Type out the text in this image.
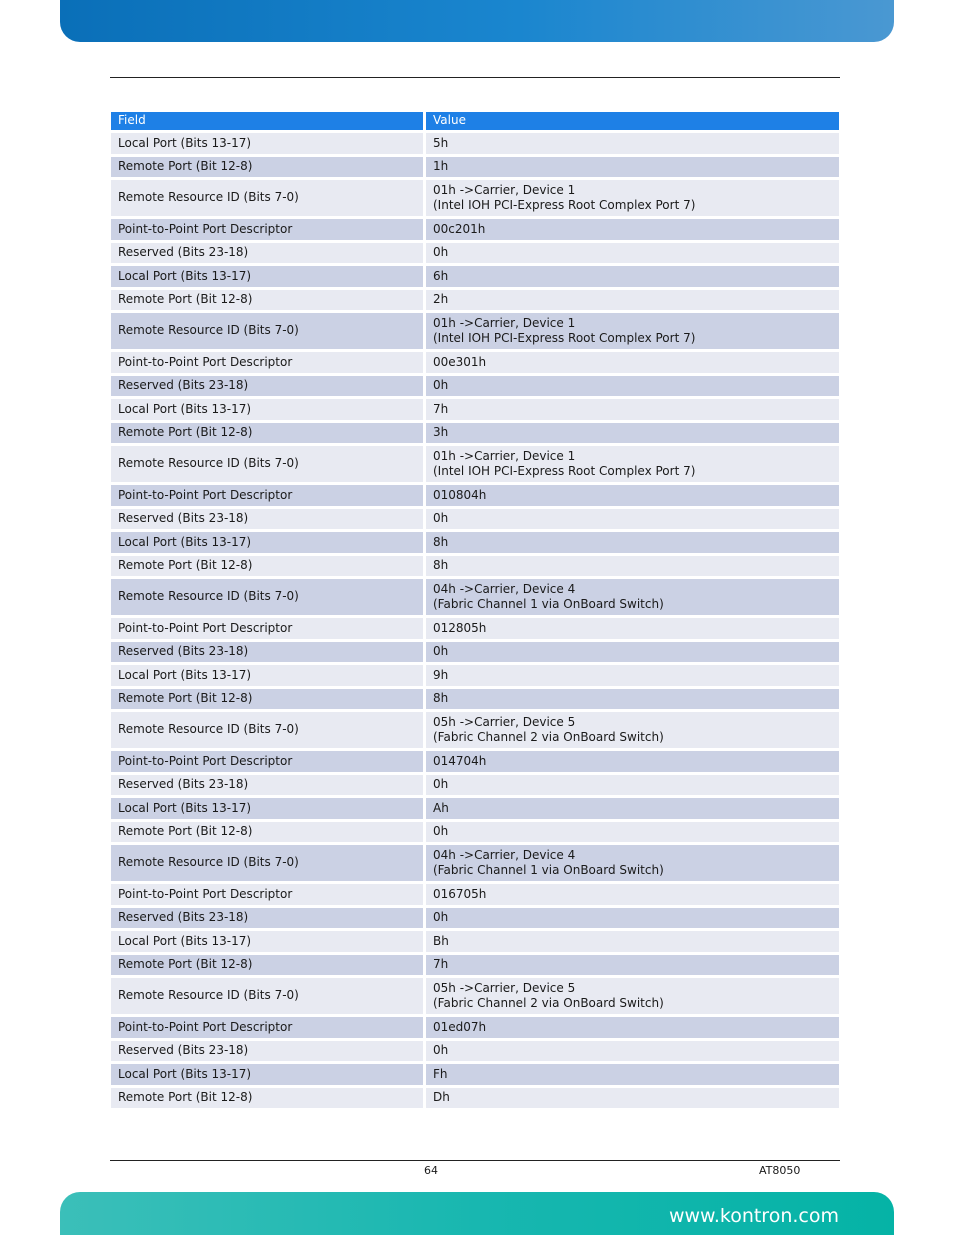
Field	Value
Local Port (Bits 13-17)	5h

Remote Port (Bit 12-8)	1h

Remote Resource ID (Bits 7-0)	01h ->Carrier, Device 1
(Intel IOH PCI-Express Root Complex Port 7)

Point-to-Point Port Descriptor	00c201h

Reserved (Bits 23-18)	0h

Local Port (Bits 13-17)	6h

Remote Port (Bit 12-8)	2h

Remote Resource ID (Bits 7-0)	01h ->Carrier, Device 1
(Intel IOH PCI-Express Root Complex Port 7)

Point-to-Point Port Descriptor	00e301h

Reserved (Bits 23-18)	0h

Local Port (Bits 13-17)	7h

Remote Port (Bit 12-8)	3h

Remote Resource ID (Bits 7-0)	01h ->Carrier, Device 1
(Intel IOH PCI-Express Root Complex Port 7)

Point-to-Point Port Descriptor	010804h

Reserved (Bits 23-18)	0h

Local Port (Bits 13-17)	8h

Remote Port (Bit 12-8)	8h

Remote Resource ID (Bits 7-0)	04h ->Carrier, Device 4
(Fabric Channel 1 via OnBoard Switch)

Point-to-Point Port Descriptor	012805h

Reserved (Bits 23-18)	0h

Local Port (Bits 13-17)	9h

Remote Port (Bit 12-8)	8h

Remote Resource ID (Bits 7-0)	05h ->Carrier, Device 5
(Fabric Channel 2 via OnBoard Switch)

Point-to-Point Port Descriptor	014704h

Reserved (Bits 23-18)	0h

Local Port (Bits 13-17)	Ah

Remote Port (Bit 12-8)	0h

Remote Resource ID (Bits 7-0)	04h ->Carrier, Device 4
(Fabric Channel 1 via OnBoard Switch)

Point-to-Point Port Descriptor	016705h

Reserved (Bits 23-18)	0h

Local Port (Bits 13-17)	Bh

Remote Port (Bit 12-8)	7h

Remote Resource ID (Bits 7-0)	05h ->Carrier, Device 5
(Fabric Channel 2 via OnBoard Switch)

Point-to-Point Port Descriptor	01ed07h

Reserved (Bits 23-18)	0h

Local Port (Bits 13-17)	Fh

Remote Port (Bit 12-8)	Dh
64	AT8050
www.kontron.com
